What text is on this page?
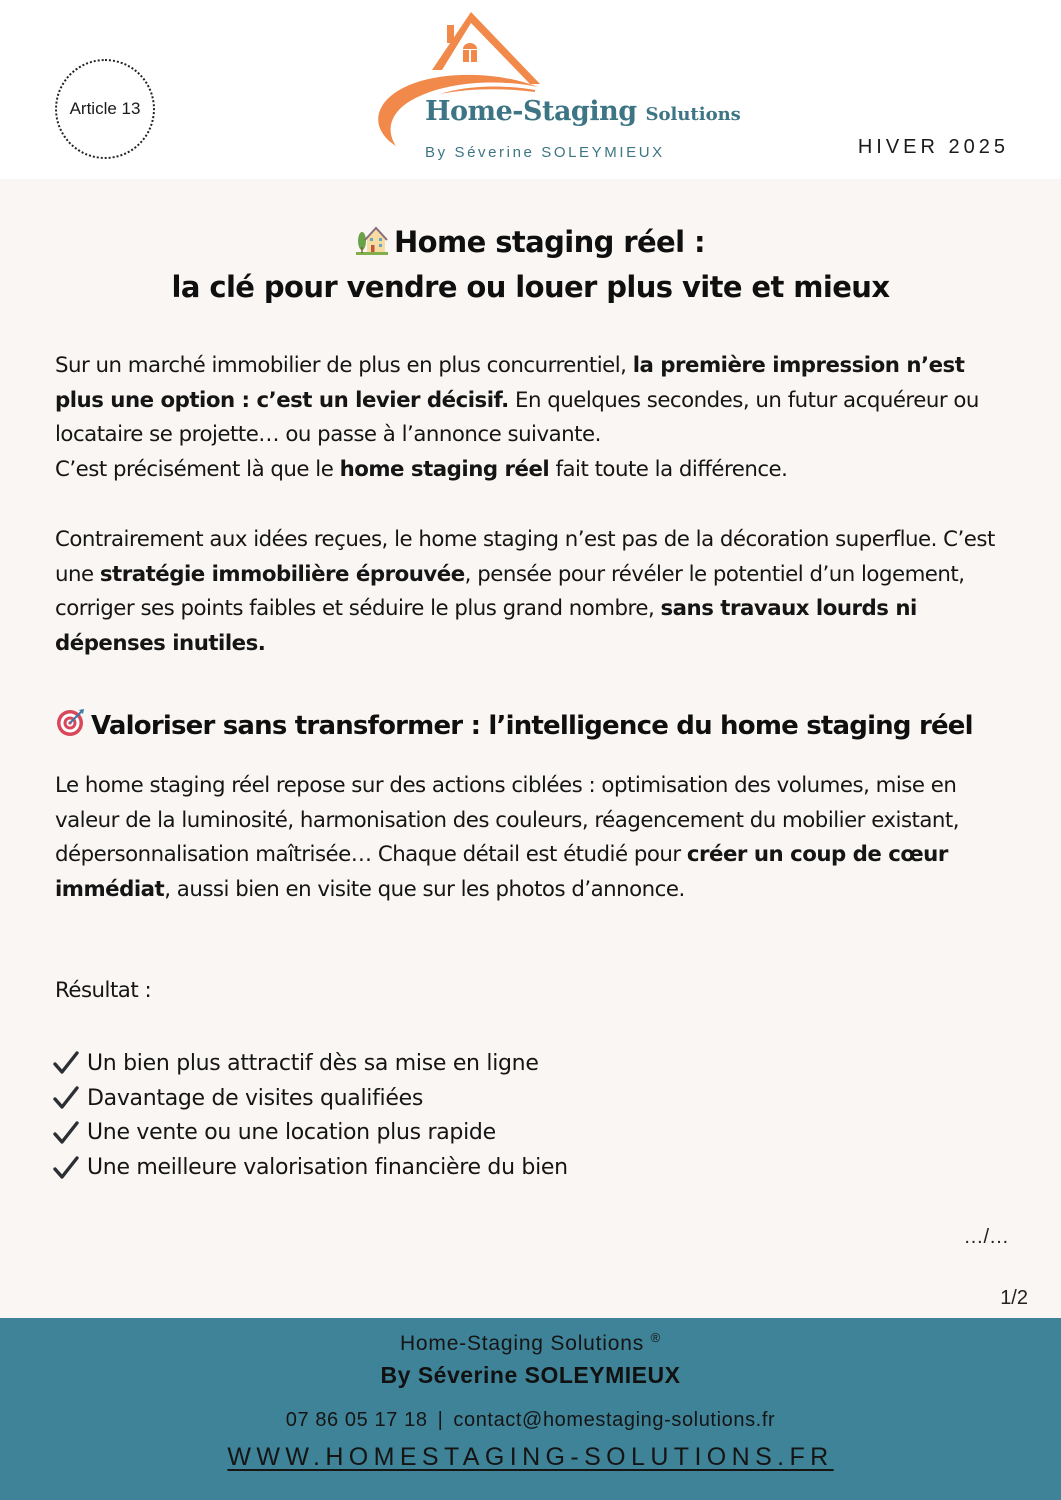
Article 13	Home-Staging Solutions
By Séverine SOLEYMIEUX	HIVER 2025
Home staging réel :
la clé pour vendre ou louer plus vite et mieux
Sur un marché immobilier de plus en plus concurrentiel, la première impression n’est plus une option : c’est un levier décisif. En quelques secondes, un futur acquéreur ou locataire se projette… ou passe à l’annonce suivante.
C’est précisément là que le home staging réel fait toute la différence.
Contrairement aux idées reçues, le home staging n’est pas de la décoration superflue. C’est une stratégie immobilière éprouvée, pensée pour révéler le potentiel d’un logement, corriger ses points faibles et séduire le plus grand nombre, sans travaux lourds ni dépenses inutiles.
Valoriser sans transformer : l’intelligence du home staging réel
Le home staging réel repose sur des actions ciblées : optimisation des volumes, mise en valeur de la luminosité, harmonisation des couleurs, réagencement du mobilier existant, dépersonnalisation maîtrisée… Chaque détail est étudié pour créer un coup de cœur immédiat, aussi bien en visite que sur les photos d’annonce.
Résultat :
Un bien plus attractif dès sa mise en ligne
Davantage de visites qualifiées
Une vente ou une location plus rapide
Une meilleure valorisation financière du bien
…/…
1/2
Home-Staging Solutions ®
By Séverine SOLEYMIEUX
07 86 05 17 18 | contact@homestaging-solutions.fr
WWW.HOMESTAGING-SOLUTIONS.FR
